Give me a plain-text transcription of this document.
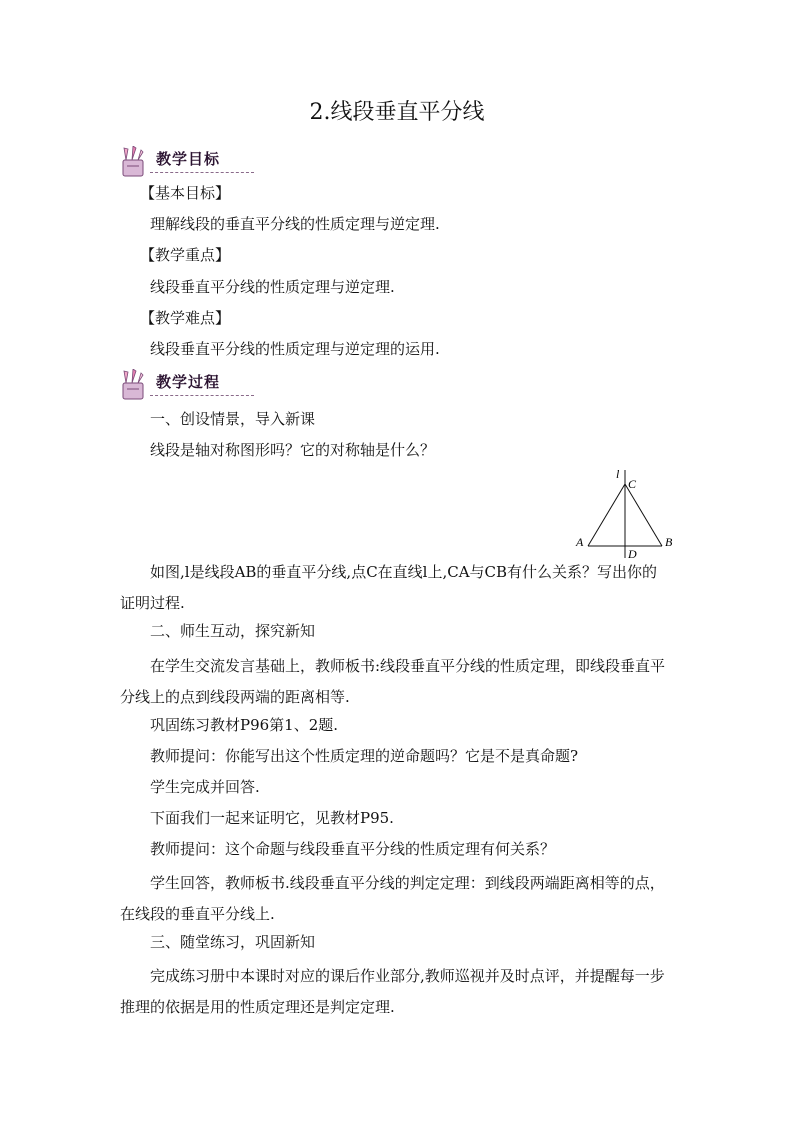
2.线段垂直平分线
教学目标
【基本目标】
理解线段的垂直平分线的性质定理与逆定理.
【教学重点】
线段垂直平分线的性质定理与逆定理.
【教学难点】
线段垂直平分线的性质定理与逆定理的运用.
教学过程
一、创设情景，导入新课
线段是轴对称图形吗？它的对称轴是什么？
l
C
A	B
D
如图,l是线段AB的垂直平分线,点C在直线l上,CA与CB有什么关系？写出你的证明过程.
二、师生互动，探究新知
在学生交流发言基础上，教师板书:线段垂直平分线的性质定理，即线段垂直平分线上的点到线段两端的距离相等.
巩固练习教材P96第1、2题.
教师提问：你能写出这个性质定理的逆命题吗？它是不是真命题?
学生完成并回答.
下面我们一起来证明它，见教材P95.
教师提问：这个命题与线段垂直平分线的性质定理有何关系？
学生回答，教师板书.线段垂直平分线的判定定理：到线段两端距离相等的点，在线段的垂直平分线上.
三、随堂练习，巩固新知
完成练习册中本课时对应的课后作业部分,教师巡视并及时点评，并提醒每一步推理的依据是用的性质定理还是判定定理.
